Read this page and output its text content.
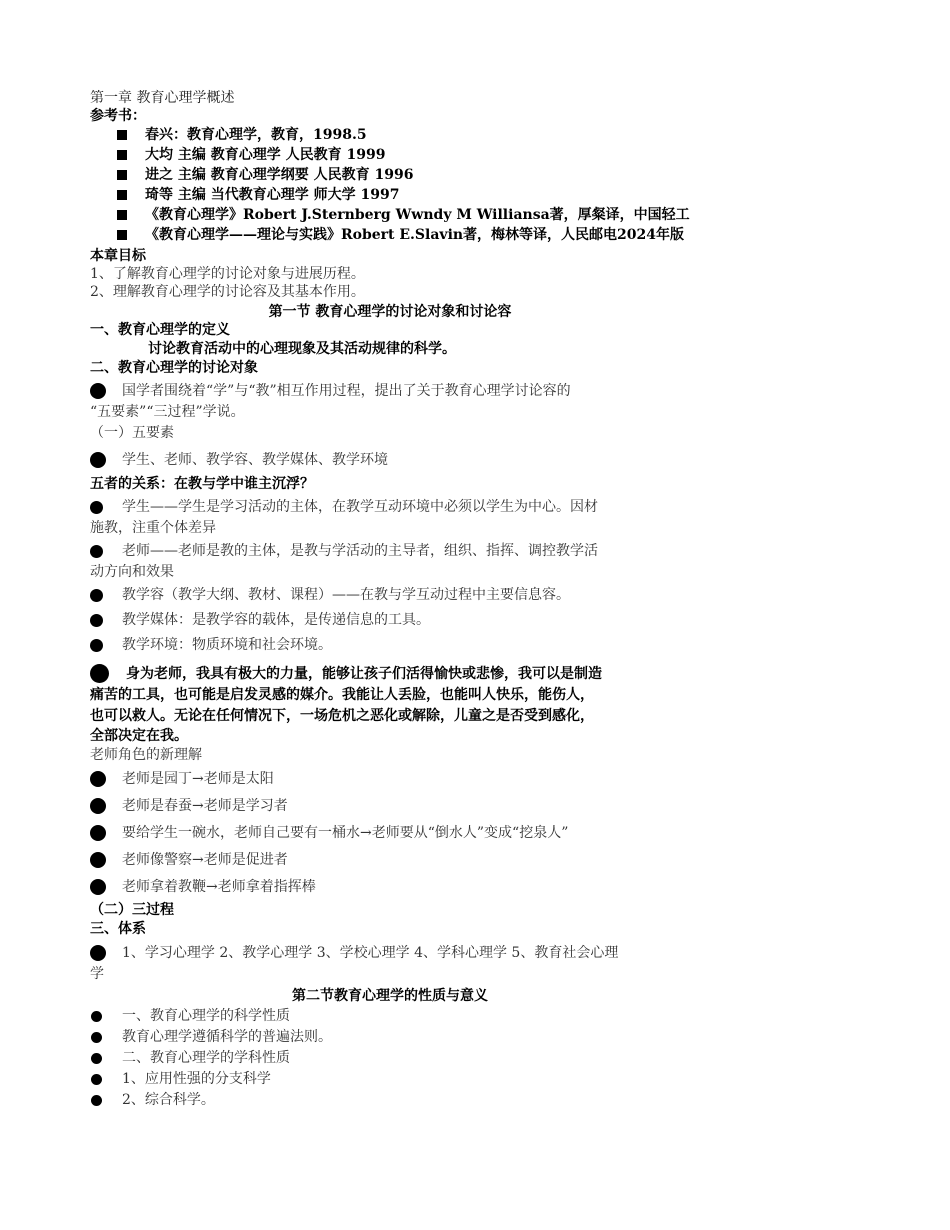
第一章 教育心理学概述
参考书：
春兴：教育心理学，教育，1998.5
大均 主编 教育心理学 人民教育 1999
进之 主编 教育心理学纲要 人民教育 1996
琦等 主编 当代教育心理学 师大学 1997
《教育心理学》Robert J.Sternberg Wwndy M Williansa著，厚粲译，中国轻工
《教育心理学——理论与实践》Robert E.Slavin著，梅林等译，人民邮电2024年版
本章目标
1、了解教育心理学的讨论对象与进展历程。
2、理解教育心理学的讨论容及其基本作用。
第一节 教育心理学的讨论对象和讨论容
一、教育心理学的定义
讨论教育活动中的心理现象及其活动规律的科学。
二、教育心理学的讨论对象
国学者围绕着“学”与“教”相互作用过程，提出了关于教育心理学讨论容的
“五要素”“三过程”学说。
（一）五要素
学生、老师、教学容、教学媒体、教学环境
五者的关系：在教与学中谁主沉浮？
学生——学生是学习活动的主体，在教学互动环境中必须以学生为中心。因材
施教，注重个体差异
老师——老师是教的主体，是教与学活动的主导者，组织、指挥、调控教学活
动方向和效果
教学容（教学大纲、教材、课程）——在教与学互动过程中主要信息容。
教学媒体：是教学容的载体，是传递信息的工具。
教学环境：物质环境和社会环境。
身为老师，我具有极大的力量，能够让孩子们活得愉快或悲惨，我可以是制造
痛苦的工具，也可能是启发灵感的媒介。我能让人丢脸，也能叫人快乐，能伤人，
也可以救人。无论在任何情况下，一场危机之恶化或解除，儿童之是否受到感化，
全部决定在我。
老师角色的新理解
老师是园丁→老师是太阳
老师是春蚕→老师是学习者
要给学生一碗水，老师自己要有一桶水→老师要从“倒水人”变成“挖泉人”
老师像警察→老师是促进者
老师拿着教鞭→老师拿着指挥棒
（二）三过程
三、体系
1、学习心理学 2、教学心理学 3、学校心理学 4、学科心理学 5、教育社会心理
学
第二节教育心理学的性质与意义
一、教育心理学的科学性质
教育心理学遵循科学的普遍法则。
二、教育心理学的学科性质
1、应用性强的分支科学
2、综合科学。
